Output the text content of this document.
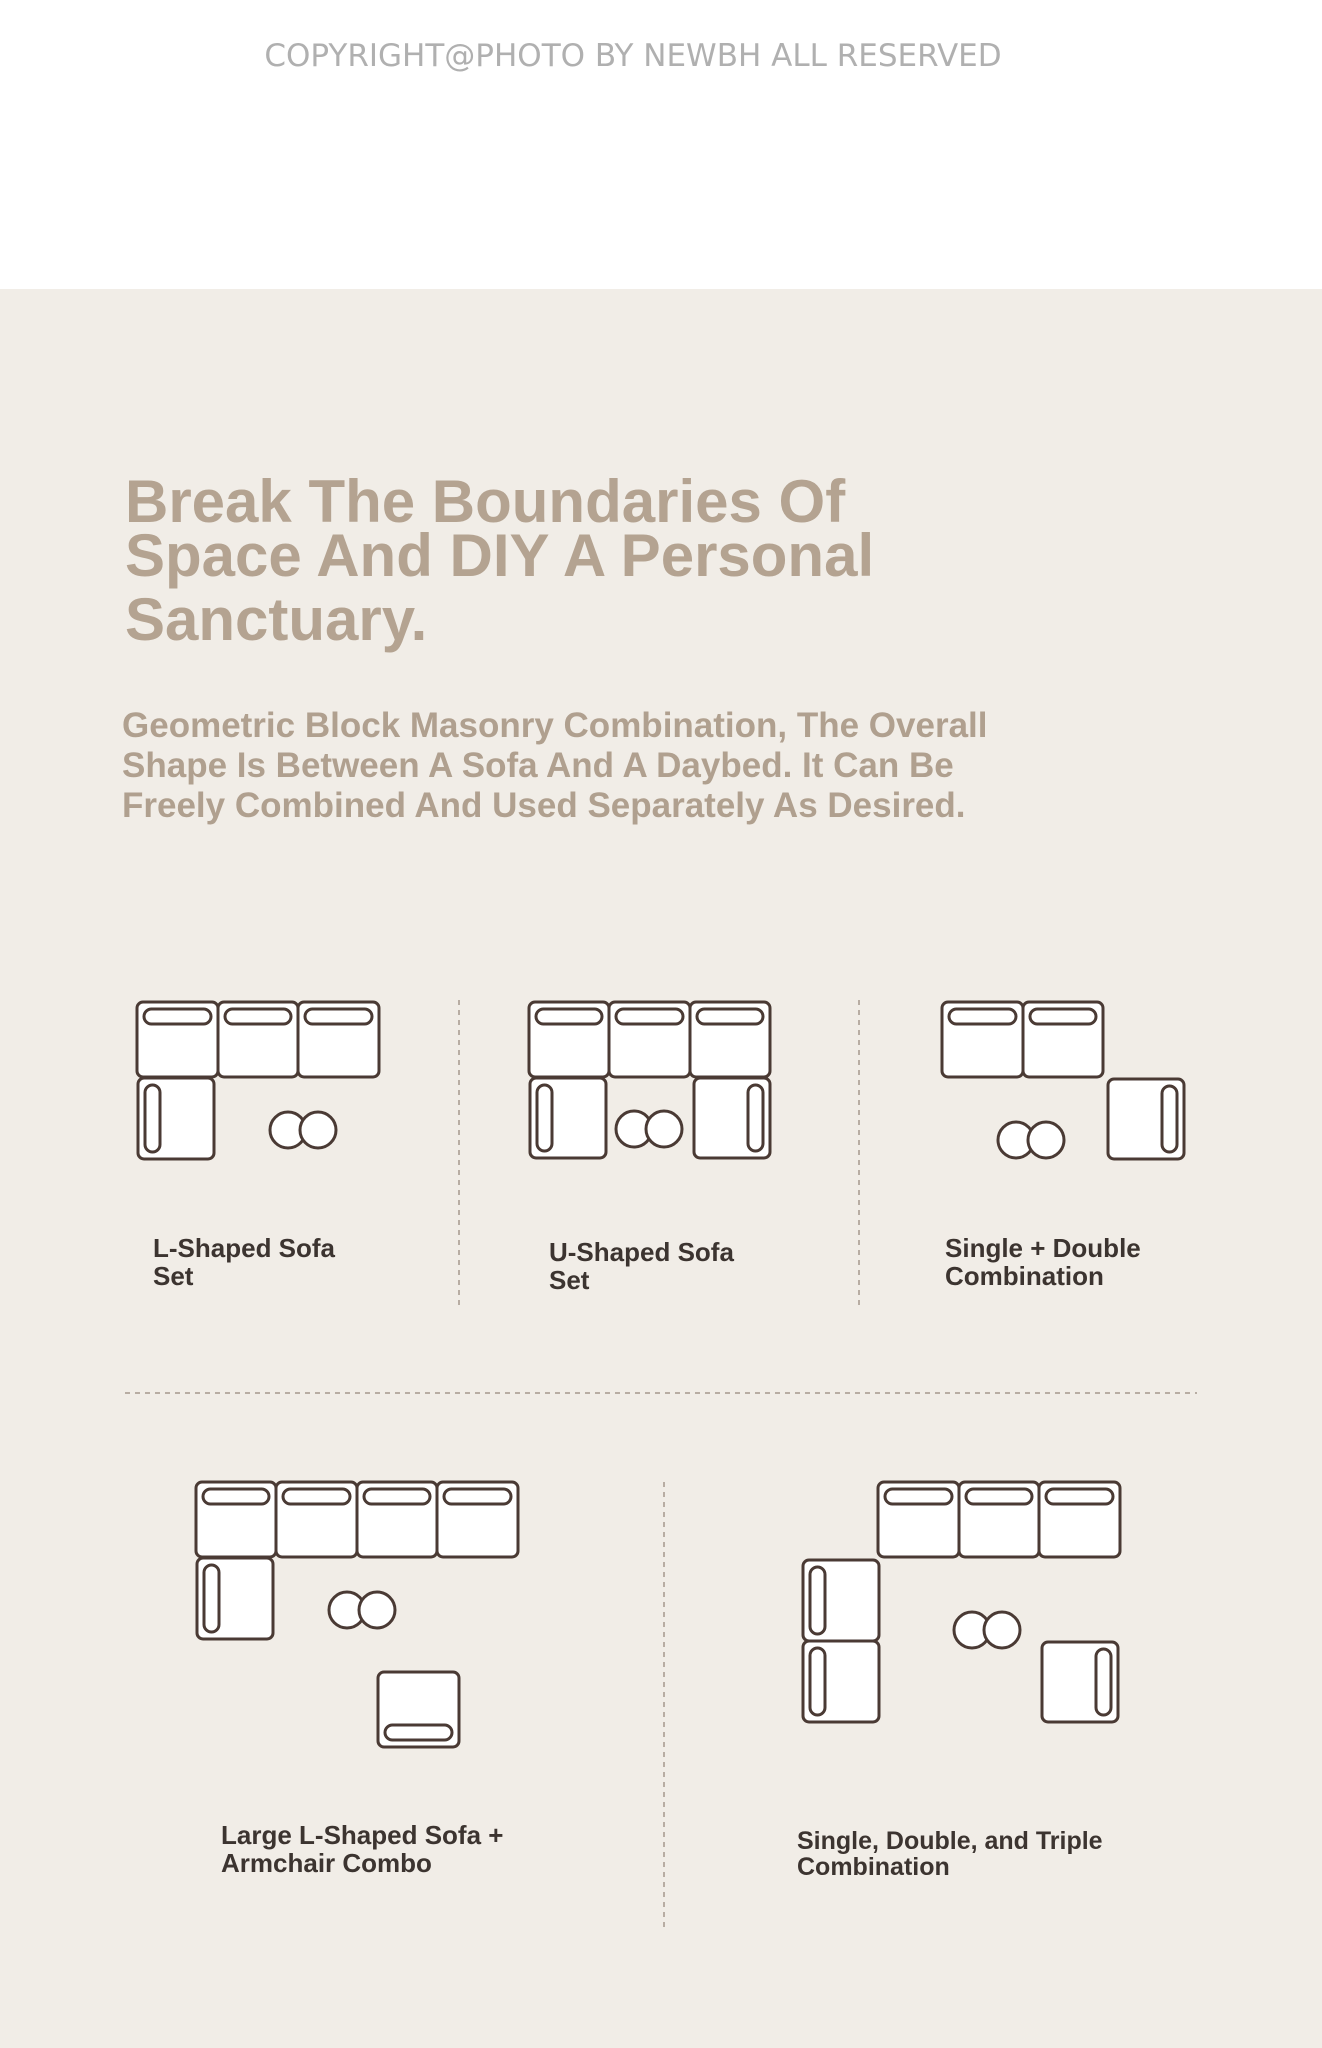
COPYRIGHT@PHOTO BY NEWBH ALL RESERVED
Break The Boundaries Of
Space And DIY A Personal
Sanctuary.

Geometric Block Masonry Combination, The Overall
Shape Is Between A Sofa And A Daybed. It Can Be
Freely Combined And Used Separately As Desired.

L-Shaped Sofa
Set

U-Shaped Sofa
Set

Single + Double
Combination

Large L-Shaped Sofa +
Armchair Combo

Single, Double, and Triple
Combination
